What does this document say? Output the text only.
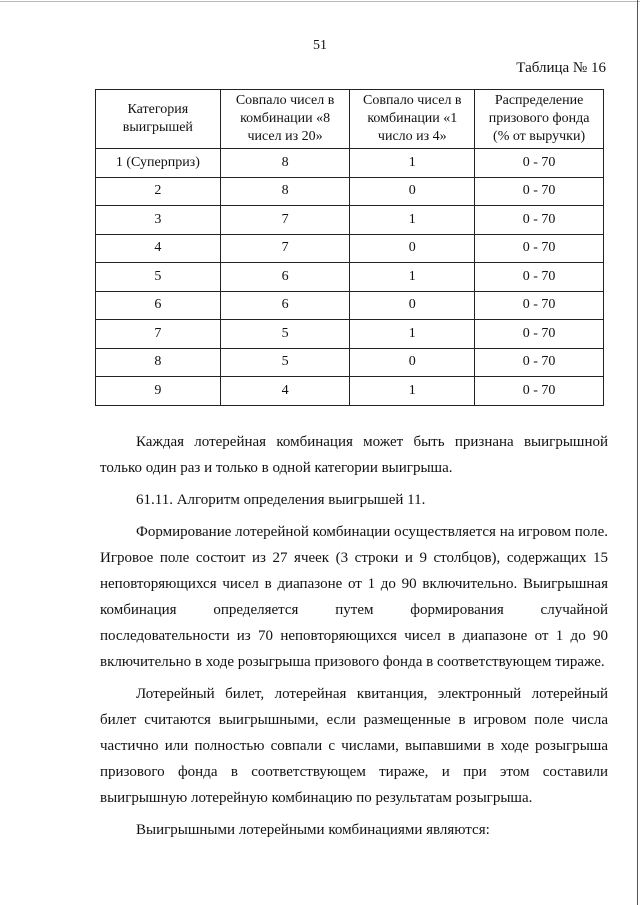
51
Таблица № 16
Категория выигрышей	Совпало чисел в комбинации «8 чисел из 20»	Совпало чисел в комбинации «1 число из 4»	Распределение призового фонда (% от выручки)
1 (Суперприз)	8	1	0 - 70
2	8	0	0 - 70
3	7	1	0 - 70
4	7	0	0 - 70
5	6	1	0 - 70
6	6	0	0 - 70
7	5	1	0 - 70
8	5	0	0 - 70
9	4	1	0 - 70

Каждая лотерейная комбинация может быть признана выигрышной только один раз и только в одной категории выигрыша.

61.11. Алгоритм определения выигрышей 11.

Формирование лотерейной комбинации осуществляется на игровом поле. Игровое поле состоит из 27 ячеек (3 строки и 9 столбцов), содержащих 15 неповторяющихся чисел в диапазоне от 1 до 90 включительно. Выигрышная комбинация определяется путем формирования случайной последовательности из 70 неповторяющихся чисел в диапазоне от 1 до 90 включительно в ходе розыгрыша призового фонда в соответствующем тираже.

Лотерейный билет, лотерейная квитанция, электронный лотерейный билет считаются выигрышными, если размещенные в игровом поле числа частично или полностью совпали с числами, выпавшими в ходе розыгрыша призового фонда в соответствующем тираже, и при этом составили выигрышную лотерейную комбинацию по результатам розыгрыша.

Выигрышными лотерейными комбинациями являются:
